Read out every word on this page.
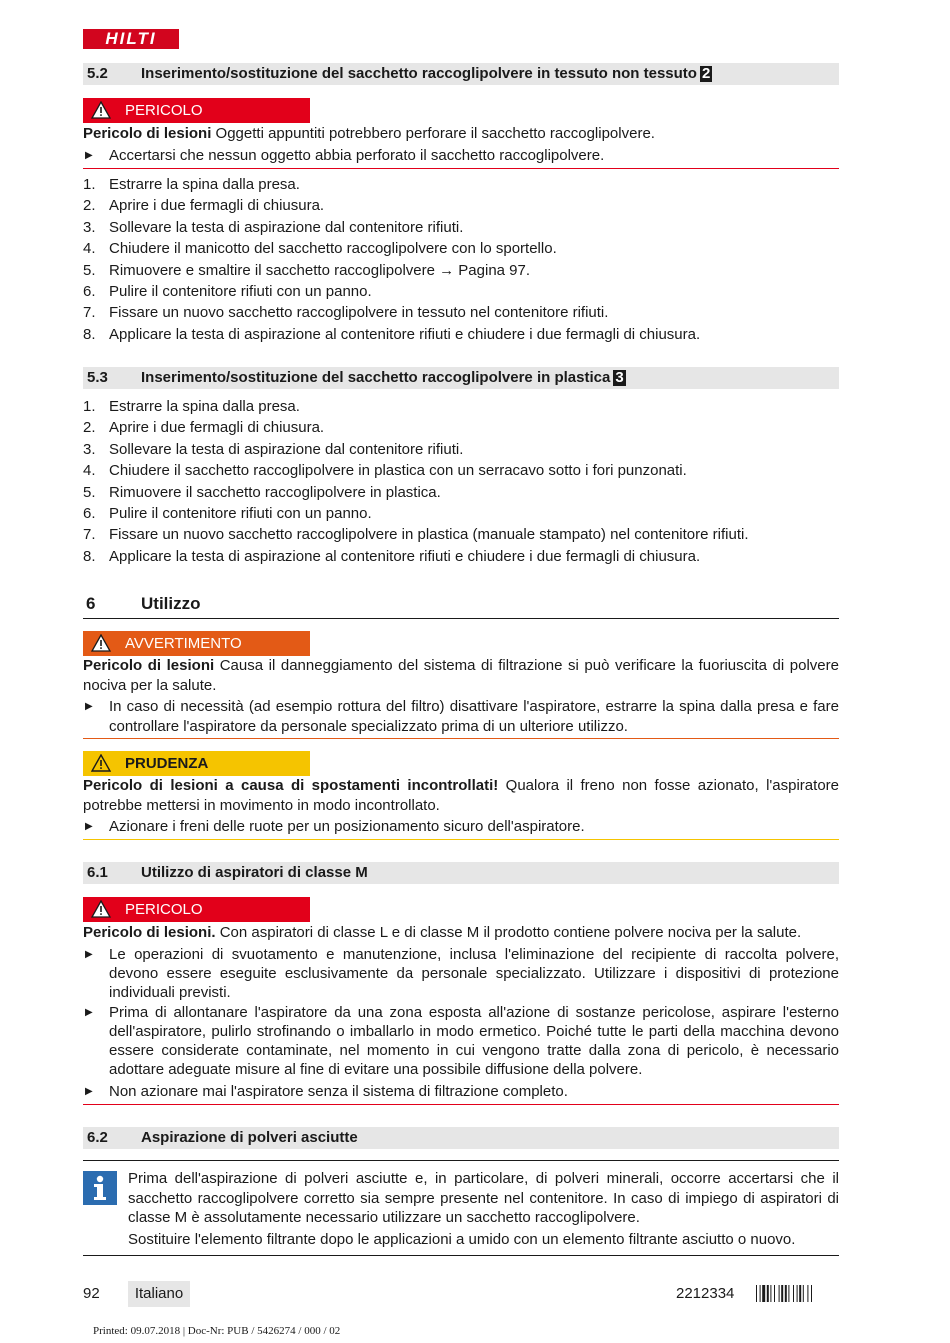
HILTI
5.2 Inserimento/sostituzione del sacchetto raccoglipolvere in tessuto non tessuto 2
PERICOLO
Pericolo di lesioni Oggetti appuntiti potrebbero perforare il sacchetto raccoglipolvere.
▶ Accertarsi che nessun oggetto abbia perforato il sacchetto raccoglipolvere.
1. Estrarre la spina dalla presa.
2. Aprire i due fermagli di chiusura.
3. Sollevare la testa di aspirazione dal contenitore rifiuti.
4. Chiudere il manicotto del sacchetto raccoglipolvere con lo sportello.
5. Rimuovere e smaltire il sacchetto raccoglipolvere → Pagina 97.
6. Pulire il contenitore rifiuti con un panno.
7. Fissare un nuovo sacchetto raccoglipolvere in tessuto nel contenitore rifiuti.
8. Applicare la testa di aspirazione al contenitore rifiuti e chiudere i due fermagli di chiusura.
5.3 Inserimento/sostituzione del sacchetto raccoglipolvere in plastica 3
1. Estrarre la spina dalla presa.
2. Aprire i due fermagli di chiusura.
3. Sollevare la testa di aspirazione dal contenitore rifiuti.
4. Chiudere il sacchetto raccoglipolvere in plastica con un serracavo sotto i fori punzonati.
5. Rimuovere il sacchetto raccoglipolvere in plastica.
6. Pulire il contenitore rifiuti con un panno.
7. Fissare un nuovo sacchetto raccoglipolvere in plastica (manuale stampato) nel contenitore rifiuti.
8. Applicare la testa di aspirazione al contenitore rifiuti e chiudere i due fermagli di chiusura.
6	Utilizzo
AVVERTIMENTO
Pericolo di lesioni Causa il danneggiamento del sistema di filtrazione si può verificare la fuoriuscita di polvere nociva per la salute.
▶ In caso di necessità (ad esempio rottura del filtro) disattivare l'aspiratore, estrarre la spina dalla presa e fare controllare l'aspiratore da personale specializzato prima di un ulteriore utilizzo.
PRUDENZA
Pericolo di lesioni a causa di spostamenti incontrollati! Qualora il freno non fosse azionato, l'aspiratore potrebbe mettersi in movimento in modo incontrollato.
▶ Azionare i freni delle ruote per un posizionamento sicuro dell'aspiratore.
6.1 Utilizzo di aspiratori di classe M
PERICOLO
Pericolo di lesioni. Con aspiratori di classe L e di classe M il prodotto contiene polvere nociva per la salute.
▶ Le operazioni di svuotamento e manutenzione, inclusa l'eliminazione del recipiente di raccolta polvere, devono essere eseguite esclusivamente da personale specializzato. Utilizzare i dispositivi di protezione individuali previsti.
▶ Prima di allontanare l'aspiratore da una zona esposta all'azione di sostanze pericolose, aspirare l'esterno dell'aspiratore, pulirlo strofinando o imballarlo in modo ermetico. Poiché tutte le parti della macchina devono essere considerate contaminate, nel momento in cui vengono tratte dalla zona di pericolo, è necessario adottare adeguate misure al fine di evitare una possibile diffusione della polvere.
▶ Non azionare mai l'aspiratore senza il sistema di filtrazione completo.
6.2 Aspirazione di polveri asciutte
Prima dell'aspirazione di polveri asciutte e, in particolare, di polveri minerali, occorre accertarsi che il sacchetto raccoglipolvere corretto sia sempre presente nel contenitore. In caso di impiego di aspiratori di classe M è assolutamente necessario utilizzare un sacchetto raccoglipolvere.
Sostituire l'elemento filtrante dopo le applicazioni a umido con un elemento filtrante asciutto o nuovo.
92	Italiano	2212334
Printed: 09.07.2018 | Doc-Nr: PUB / 5426274 / 000 / 02
